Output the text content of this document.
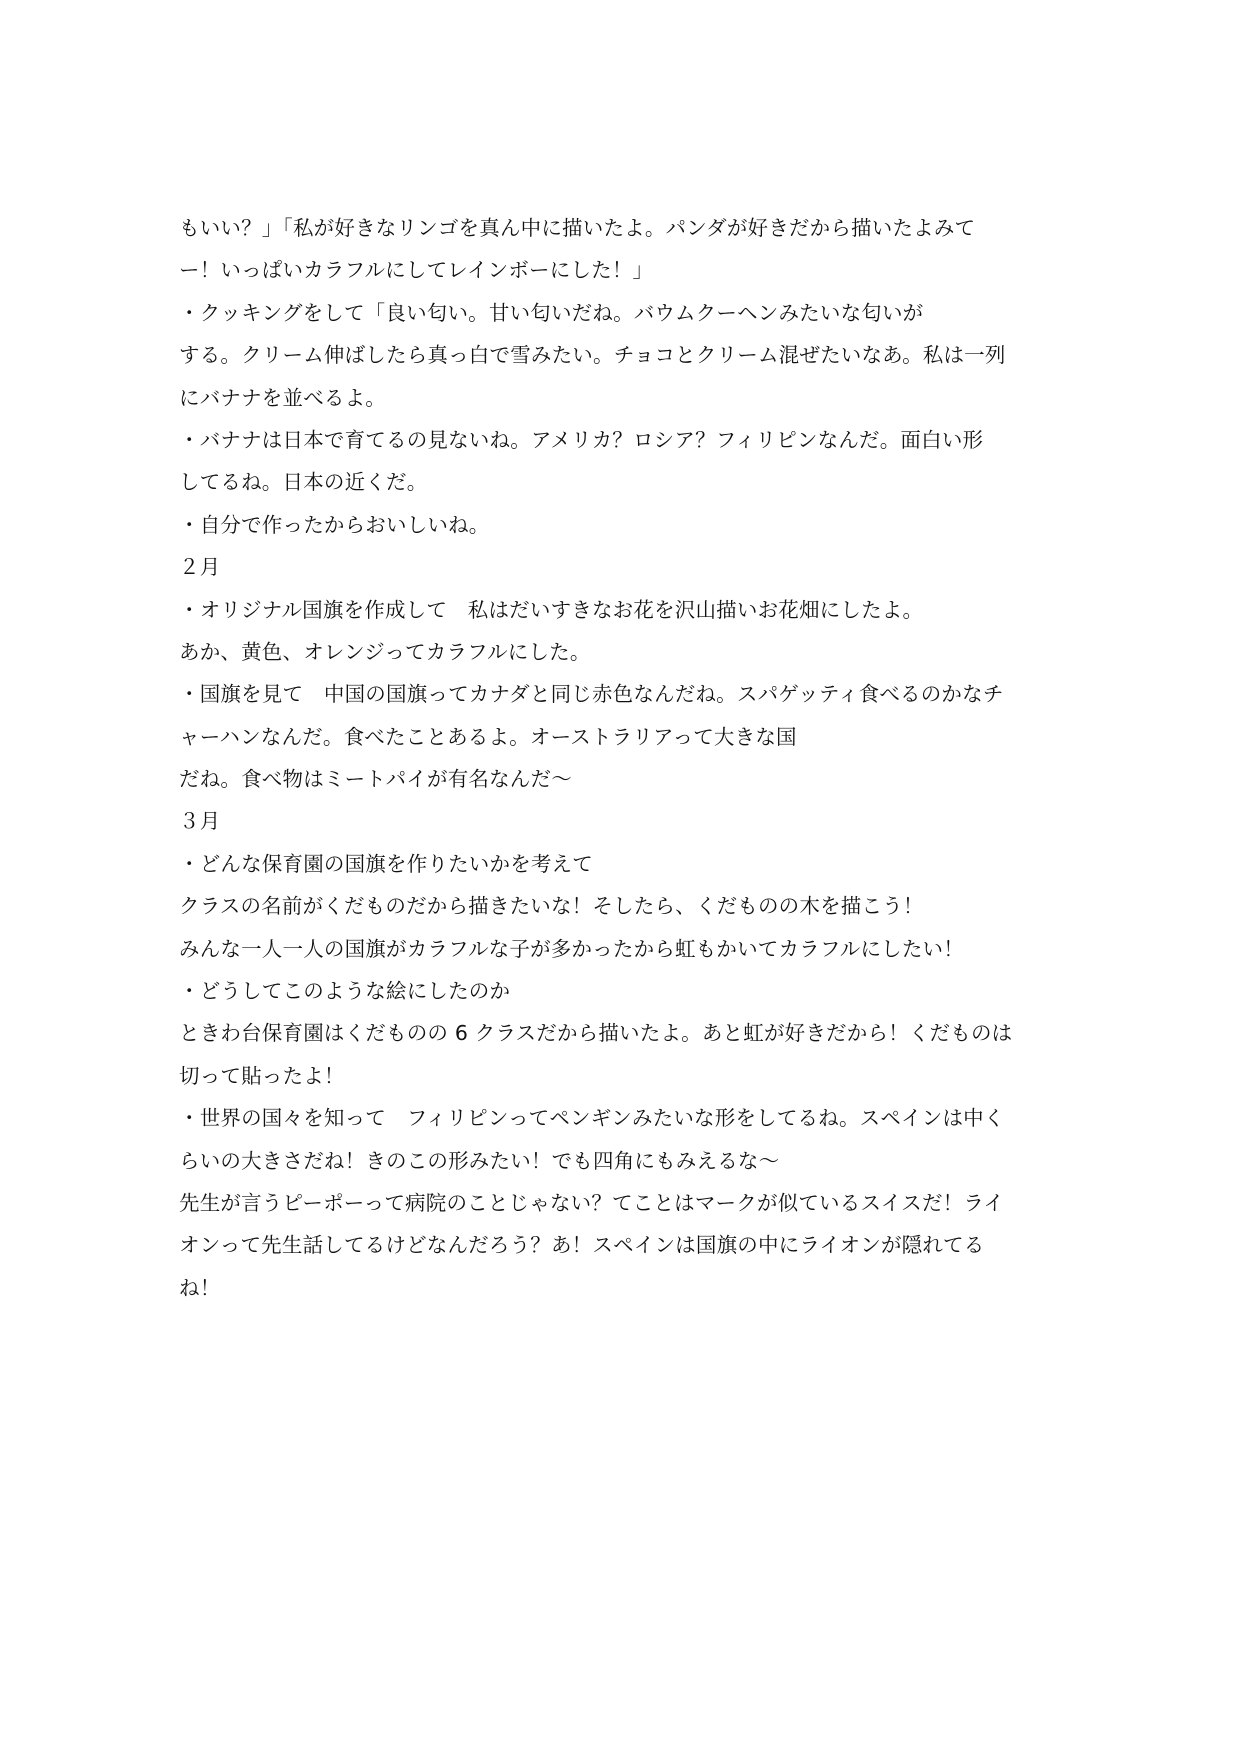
もいい？」「私が好きなリンゴを真ん中に描いたよ。パンダが好きだから描いたよみて
ー！いっぱいカラフルにしてレインボーにした！」
・クッキングをして「良い匂い。甘い匂いだね。バウムクーヘンみたいな匂いが
する。クリーム伸ばしたら真っ白で雪みたい。チョコとクリーム混ぜたいなあ。私は一列
にバナナを並べるよ。
・バナナは日本で育てるの見ないね。アメリカ？ロシア？フィリピンなんだ。面白い形
してるね。日本の近くだ。
・自分で作ったからおいしいね。
２月
・オリジナル国旗を作成して　私はだいすきなお花を沢山描いお花畑にしたよ。
あか、黄色、オレンジってカラフルにした。
・国旗を見て　中国の国旗ってカナダと同じ赤色なんだね。スパゲッティ食べるのかなチ
ャーハンなんだ。食べたことあるよ。オーストラリアって大きな国
だね。食べ物はミートパイが有名なんだ～
３月
・どんな保育園の国旗を作りたいかを考えて
クラスの名前がくだものだから描きたいな！そしたら、くだものの木を描こう！
みんな一人一人の国旗がカラフルな子が多かったから虹もかいてカラフルにしたい！
・どうしてこのような絵にしたのか
ときわ台保育園はくだものの 6 クラスだから描いたよ。あと虹が好きだから！くだものは
切って貼ったよ！
・世界の国々を知って　フィリピンってペンギンみたいな形をしてるね。スペインは中く
らいの大きさだね！きのこの形みたい！でも四角にもみえるな～
先生が言うピーポーって病院のことじゃない？てことはマークが似ているスイスだ！ライ
オンって先生話してるけどなんだろう？あ！スペインは国旗の中にライオンが隠れてる
ね！
